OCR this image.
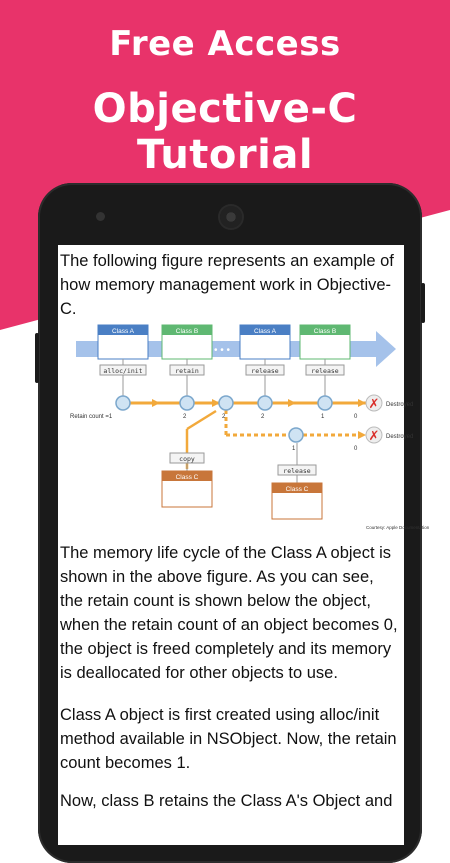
Free Access
Objective-C Tutorial
The following figure represents an example of how memory management work in Objective-C.
• • •
Class A	Class B	Class A	Class B
alloc/init	retain	release	release
✗ Destroyed
✗ Destroyed
Retain count =1	2	2	2	1	0
1	0
copy
release
Class C
Class C
Courtesy: Apple Documentation
The memory life cycle of the Class A object is shown in the above figure. As you can see, the retain count is shown below the object, when the retain count of an object becomes 0, the object is freed completely and its memory is deallocated for other objects to use.
Class A object is first created using alloc/init method available in NSObject. Now, the retain count becomes 1.
Now, class B retains the Class A's Object and
